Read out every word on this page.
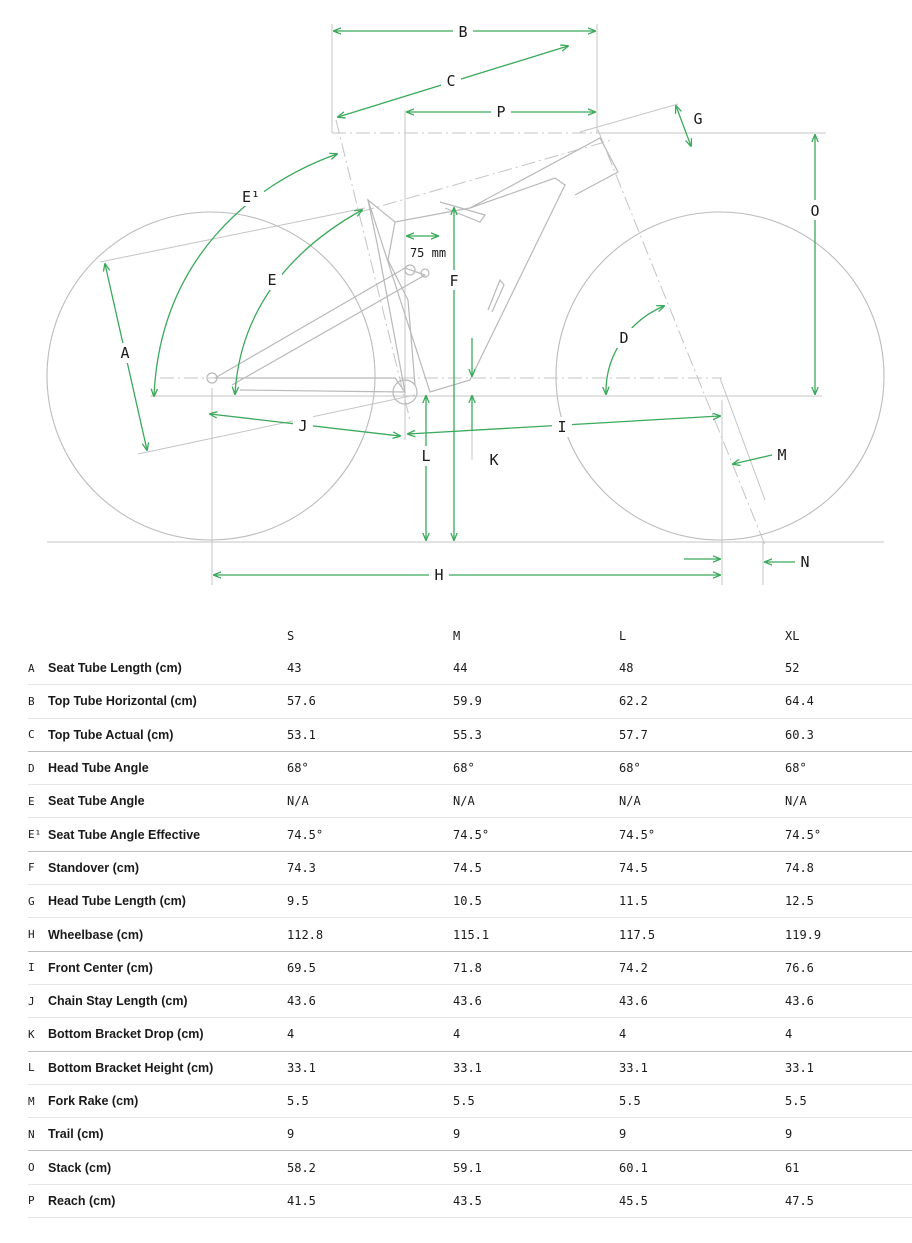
B
C
P	G
O
A
E¹
E
D
F
L	K
J	I
H
M
N
75 mm
		S	M	L	XL
A	Seat Tube Length (cm)	43	44	48	52
B	Top Tube Horizontal (cm)	57.6	59.9	62.2	64.4
C	Top Tube Actual (cm)	53.1	55.3	57.7	60.3
D	Head Tube Angle	68°	68°	68°	68°
E	Seat Tube Angle	N/A	N/A	N/A	N/A
E¹	Seat Tube Angle Effective	74.5°	74.5°	74.5°	74.5°
F	Standover (cm)	74.3	74.5	74.5	74.8
G	Head Tube Length (cm)	9.5	10.5	11.5	12.5
H	Wheelbase (cm)	112.8	115.1	117.5	119.9
I	Front Center (cm)	69.5	71.8	74.2	76.6
J	Chain Stay Length (cm)	43.6	43.6	43.6	43.6
K	Bottom Bracket Drop (cm)	4	4	4	4
L	Bottom Bracket Height (cm)	33.1	33.1	33.1	33.1
M	Fork Rake (cm)	5.5	5.5	5.5	5.5
N	Trail (cm)	9	9	9	9
O	Stack (cm)	58.2	59.1	60.1	61
P	Reach (cm)	41.5	43.5	45.5	47.5
